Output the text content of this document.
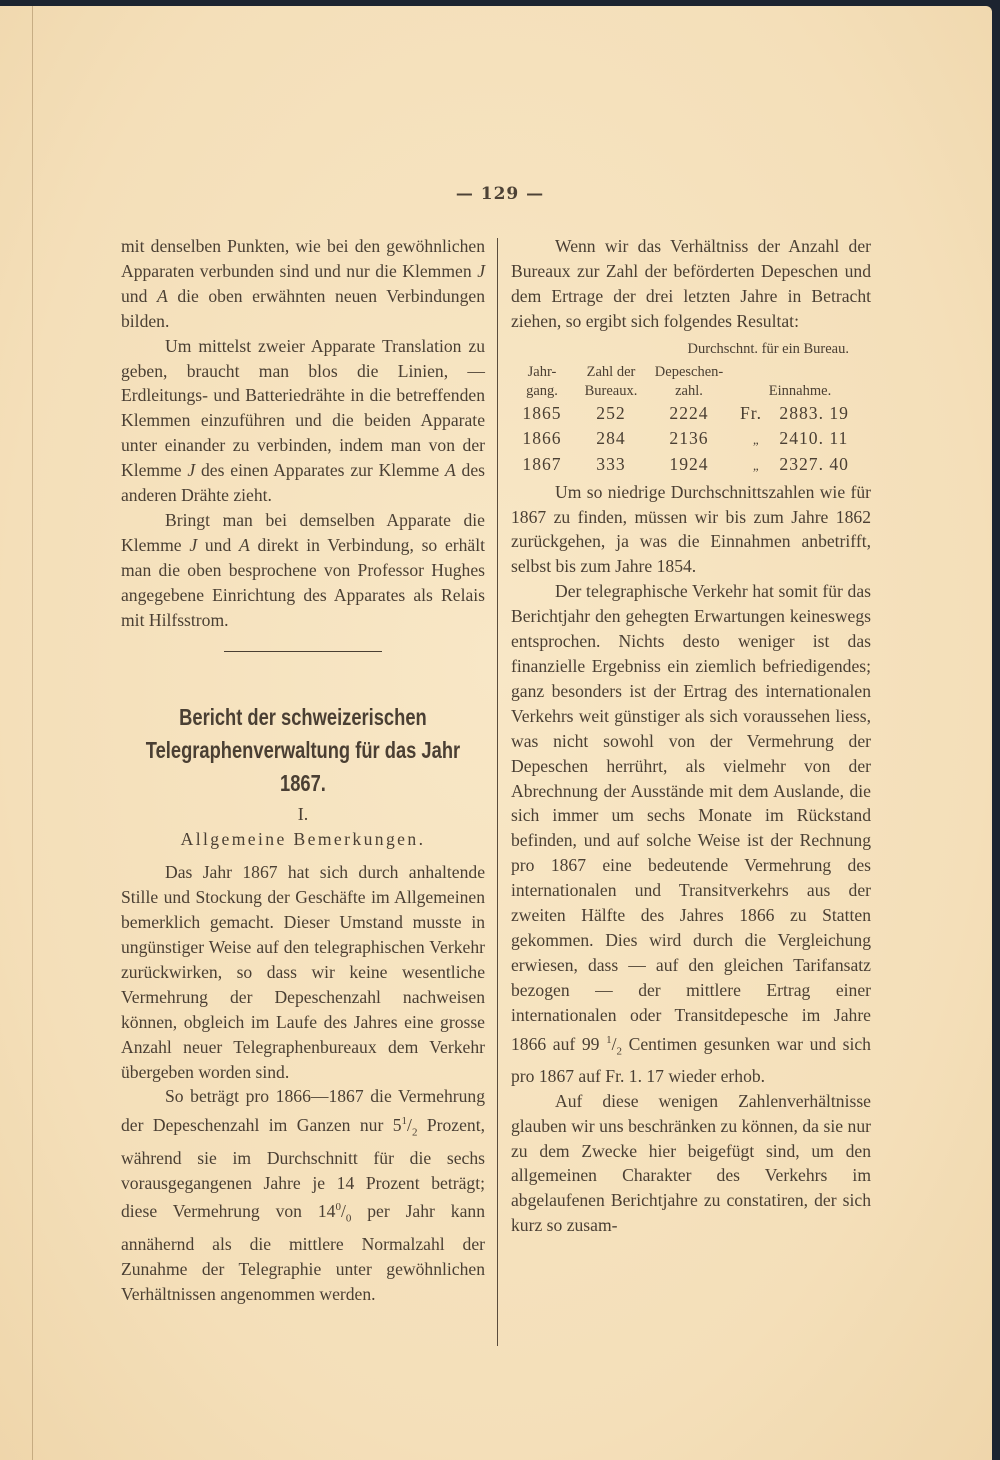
— 129 —

mit denselben Punkten, wie bei den gewöhnlichen Apparaten verbunden sind und nur die Klemmen J und A die oben erwähnten neuen Verbindungen bilden.

Um mittelst zweier Apparate Translation zu geben, braucht man blos die Linien, — Erdleitungs- und Batteriedrähte in die betreffenden Klemmen einzuführen und die beiden Apparate unter einander zu verbinden, indem man von der Klemme J des einen Apparates zur Klemme A des anderen Drähte zieht.

Bringt man bei demselben Apparate die Klemme J und A direkt in Verbindung, so erhält man die oben besprochene von Professor Hughes angegebene Einrichtung des Apparates als Relais mit Hilfsstrom.

Bericht der schweizerischen Telegraphenverwaltung für das Jahr 1867.
I.
Allgemeine Bemerkungen.

Das Jahr 1867 hat sich durch anhaltende Stille und Stockung der Geschäfte im Allgemeinen bemerklich gemacht. Dieser Umstand musste in ungünstiger Weise auf den telegraphischen Verkehr zurückwirken, so dass wir keine wesentliche Vermehrung der Depeschenzahl nachweisen können, obgleich im Laufe des Jahres eine grosse Anzahl neuer Telegraphenbureaux dem Verkehr übergeben worden sind.

So beträgt pro 1866—1867 die Vermehrung der Depeschenzahl im Ganzen nur $5^1/_2$ Prozent, während sie im Durchschnitt für die sechs vorausgegangenen Jahre je 14 Prozent beträgt; diese Vermehrung von $14^0/_0$ per Jahr kann annähernd als die mittlere Normalzahl der Zunahme der Telegraphie unter gewöhnlichen Verhältnissen angenommen werden.

Wenn wir das Verhältniss der Anzahl der Bureaux zur Zahl der beförderten Depeschen und dem Ertrage der drei letzten Jahre in Betracht ziehen, so ergibt sich folgendes Resultat:

Durchschnt. für ein Bureau.
Jahr-	Zahl der	Depeschen-	
gang.	Bureaux.	zahl.	Einnahme.
1865	252	2224	Fr. 2883. 19
1866	284	2136	„ 2410. 11
1867	333	1924	„ 2327. 40

Um so niedrige Durchschnittszahlen wie für 1867 zu finden, müssen wir bis zum Jahre 1862 zurückgehen, ja was die Einnahmen anbetrifft, selbst bis zum Jahre 1854.

Der telegraphische Verkehr hat somit für das Berichtjahr den gehegten Erwartungen keineswegs entsprochen. Nichts desto weniger ist das finanzielle Ergebniss ein ziemlich befriedigendes; ganz besonders ist der Ertrag des internationalen Verkehrs weit günstiger als sich voraussehen liess, was nicht sowohl von der Vermehrung der Depeschen herrührt, als vielmehr von der Abrechnung der Ausstände mit dem Auslande, die sich immer um sechs Monate im Rückstand befinden, und auf solche Weise ist der Rechnung pro 1867 eine bedeutende Vermehrung des internationalen und Transitverkehrs aus der zweiten Hälfte des Jahres 1866 zu Statten gekommen. Dies wird durch die Vergleichung erwiesen, dass — auf den gleichen Tarifansatz bezogen — der mittlere Ertrag einer internationalen oder Transitdepesche im Jahre 1866 auf 99 $^1/_2$ Centimen gesunken war und sich pro 1867 auf Fr. 1. 17 wieder erhob.

Auf diese wenigen Zahlenverhältnisse glauben wir uns beschränken zu können, da sie nur zu dem Zwecke hier beigefügt sind, um den allgemeinen Charakter des Verkehrs im abgelaufenen Berichtjahre zu constatiren, der sich kurz so zusam-
